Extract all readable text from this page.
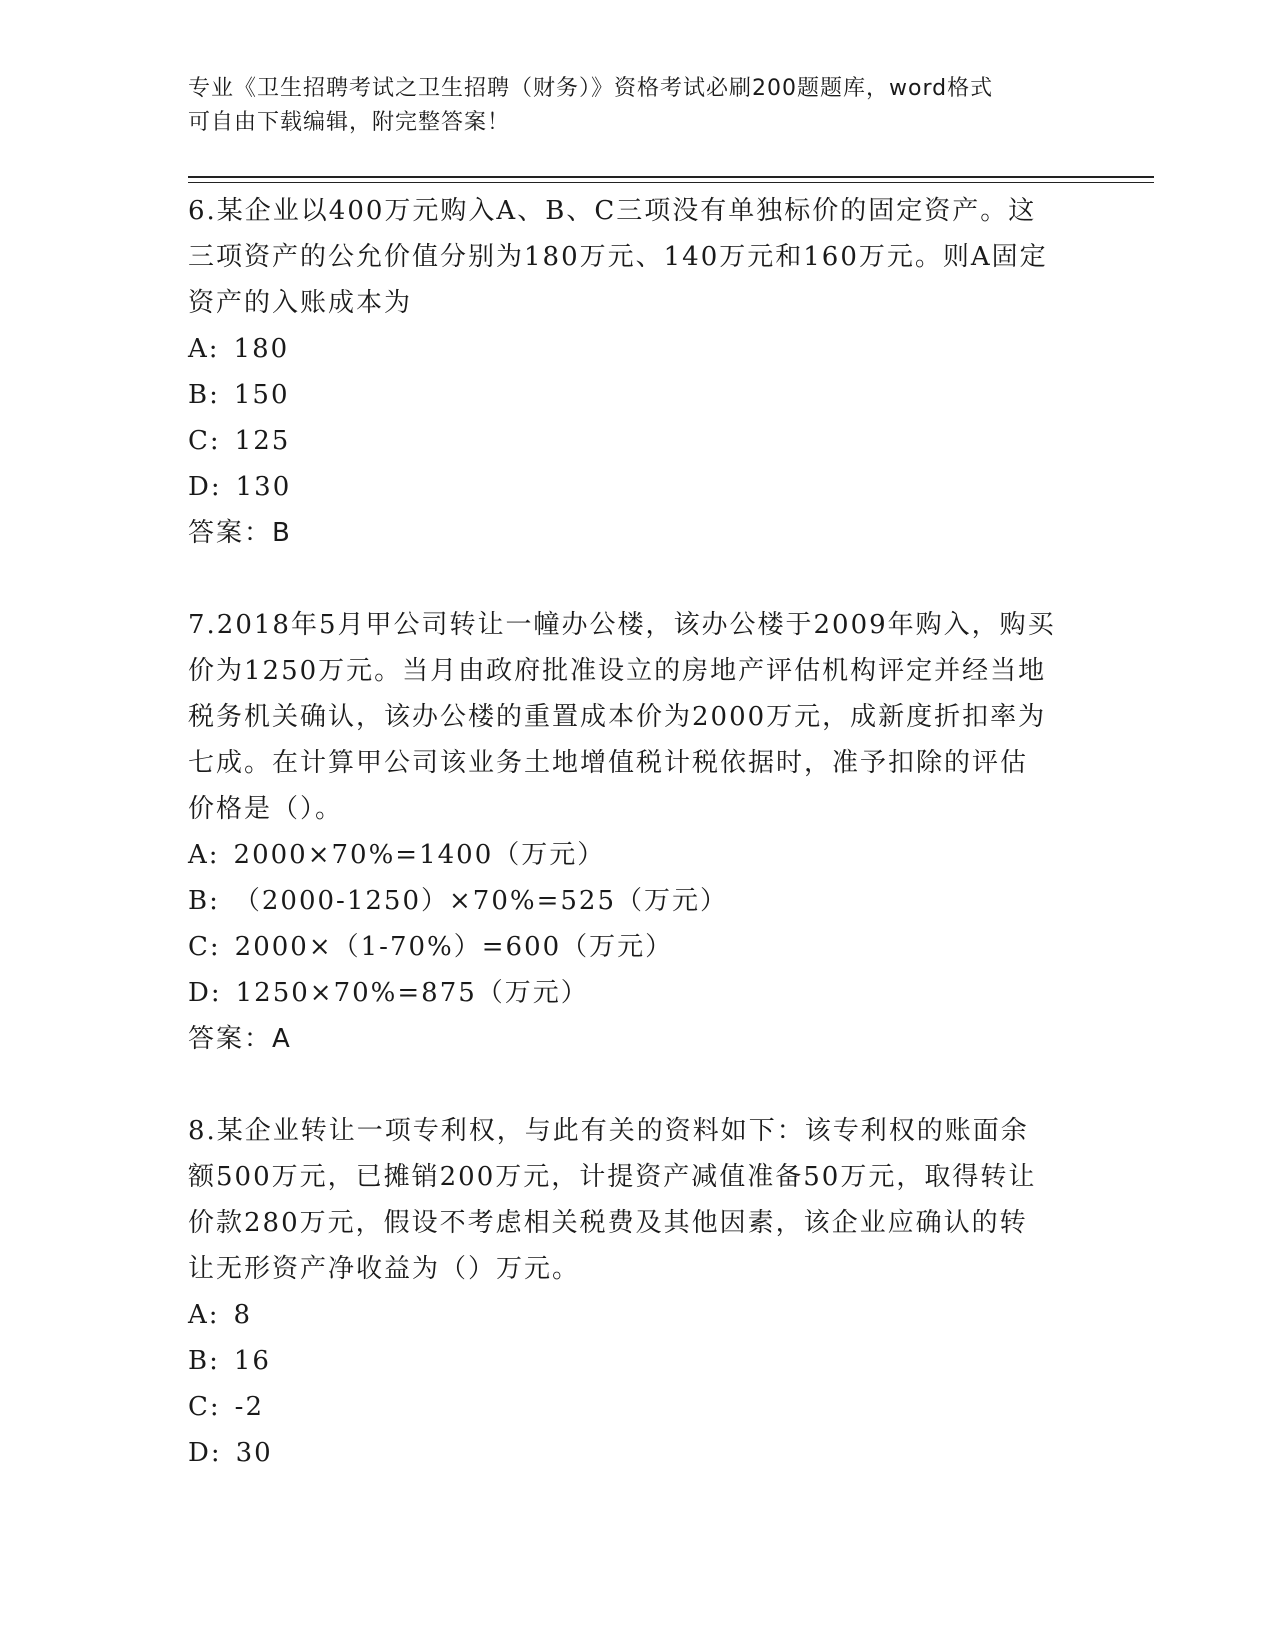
专业《卫生招聘考试之卫生招聘（财务）》资格考试必刷200题题库，word格式
可自由下载编辑，附完整答案！
6.某企业以400万元购入A、B、C三项没有单独标价的固定资产。这
三项资产的公允价值分别为180万元、140万元和160万元。则A固定
资产的入账成本为
A: 180
B: 150
C: 125
D: 130
答案：B
7.2018年5月甲公司转让一幢办公楼，该办公楼于2009年购入，购买
价为1250万元。当月由政府批准设立的房地产评估机构评定并经当地
税务机关确认，该办公楼的重置成本价为2000万元，成新度折扣率为
七成。在计算甲公司该业务土地增值税计税依据时，准予扣除的评估
价格是（）。
A: 2000×70%=1400（万元）
B: （2000-1250）×70%=525（万元）
C: 2000×（1-70%）=600（万元）
D: 1250×70%=875（万元）
答案：A
8.某企业转让一项专利权，与此有关的资料如下：该专利权的账面余
额500万元，已摊销200万元，计提资产减值准备50万元，取得转让
价款280万元，假设不考虑相关税费及其他因素，该企业应确认的转
让无形资产净收益为（）万元。
A: 8
B: 16
C: -2
D: 30
